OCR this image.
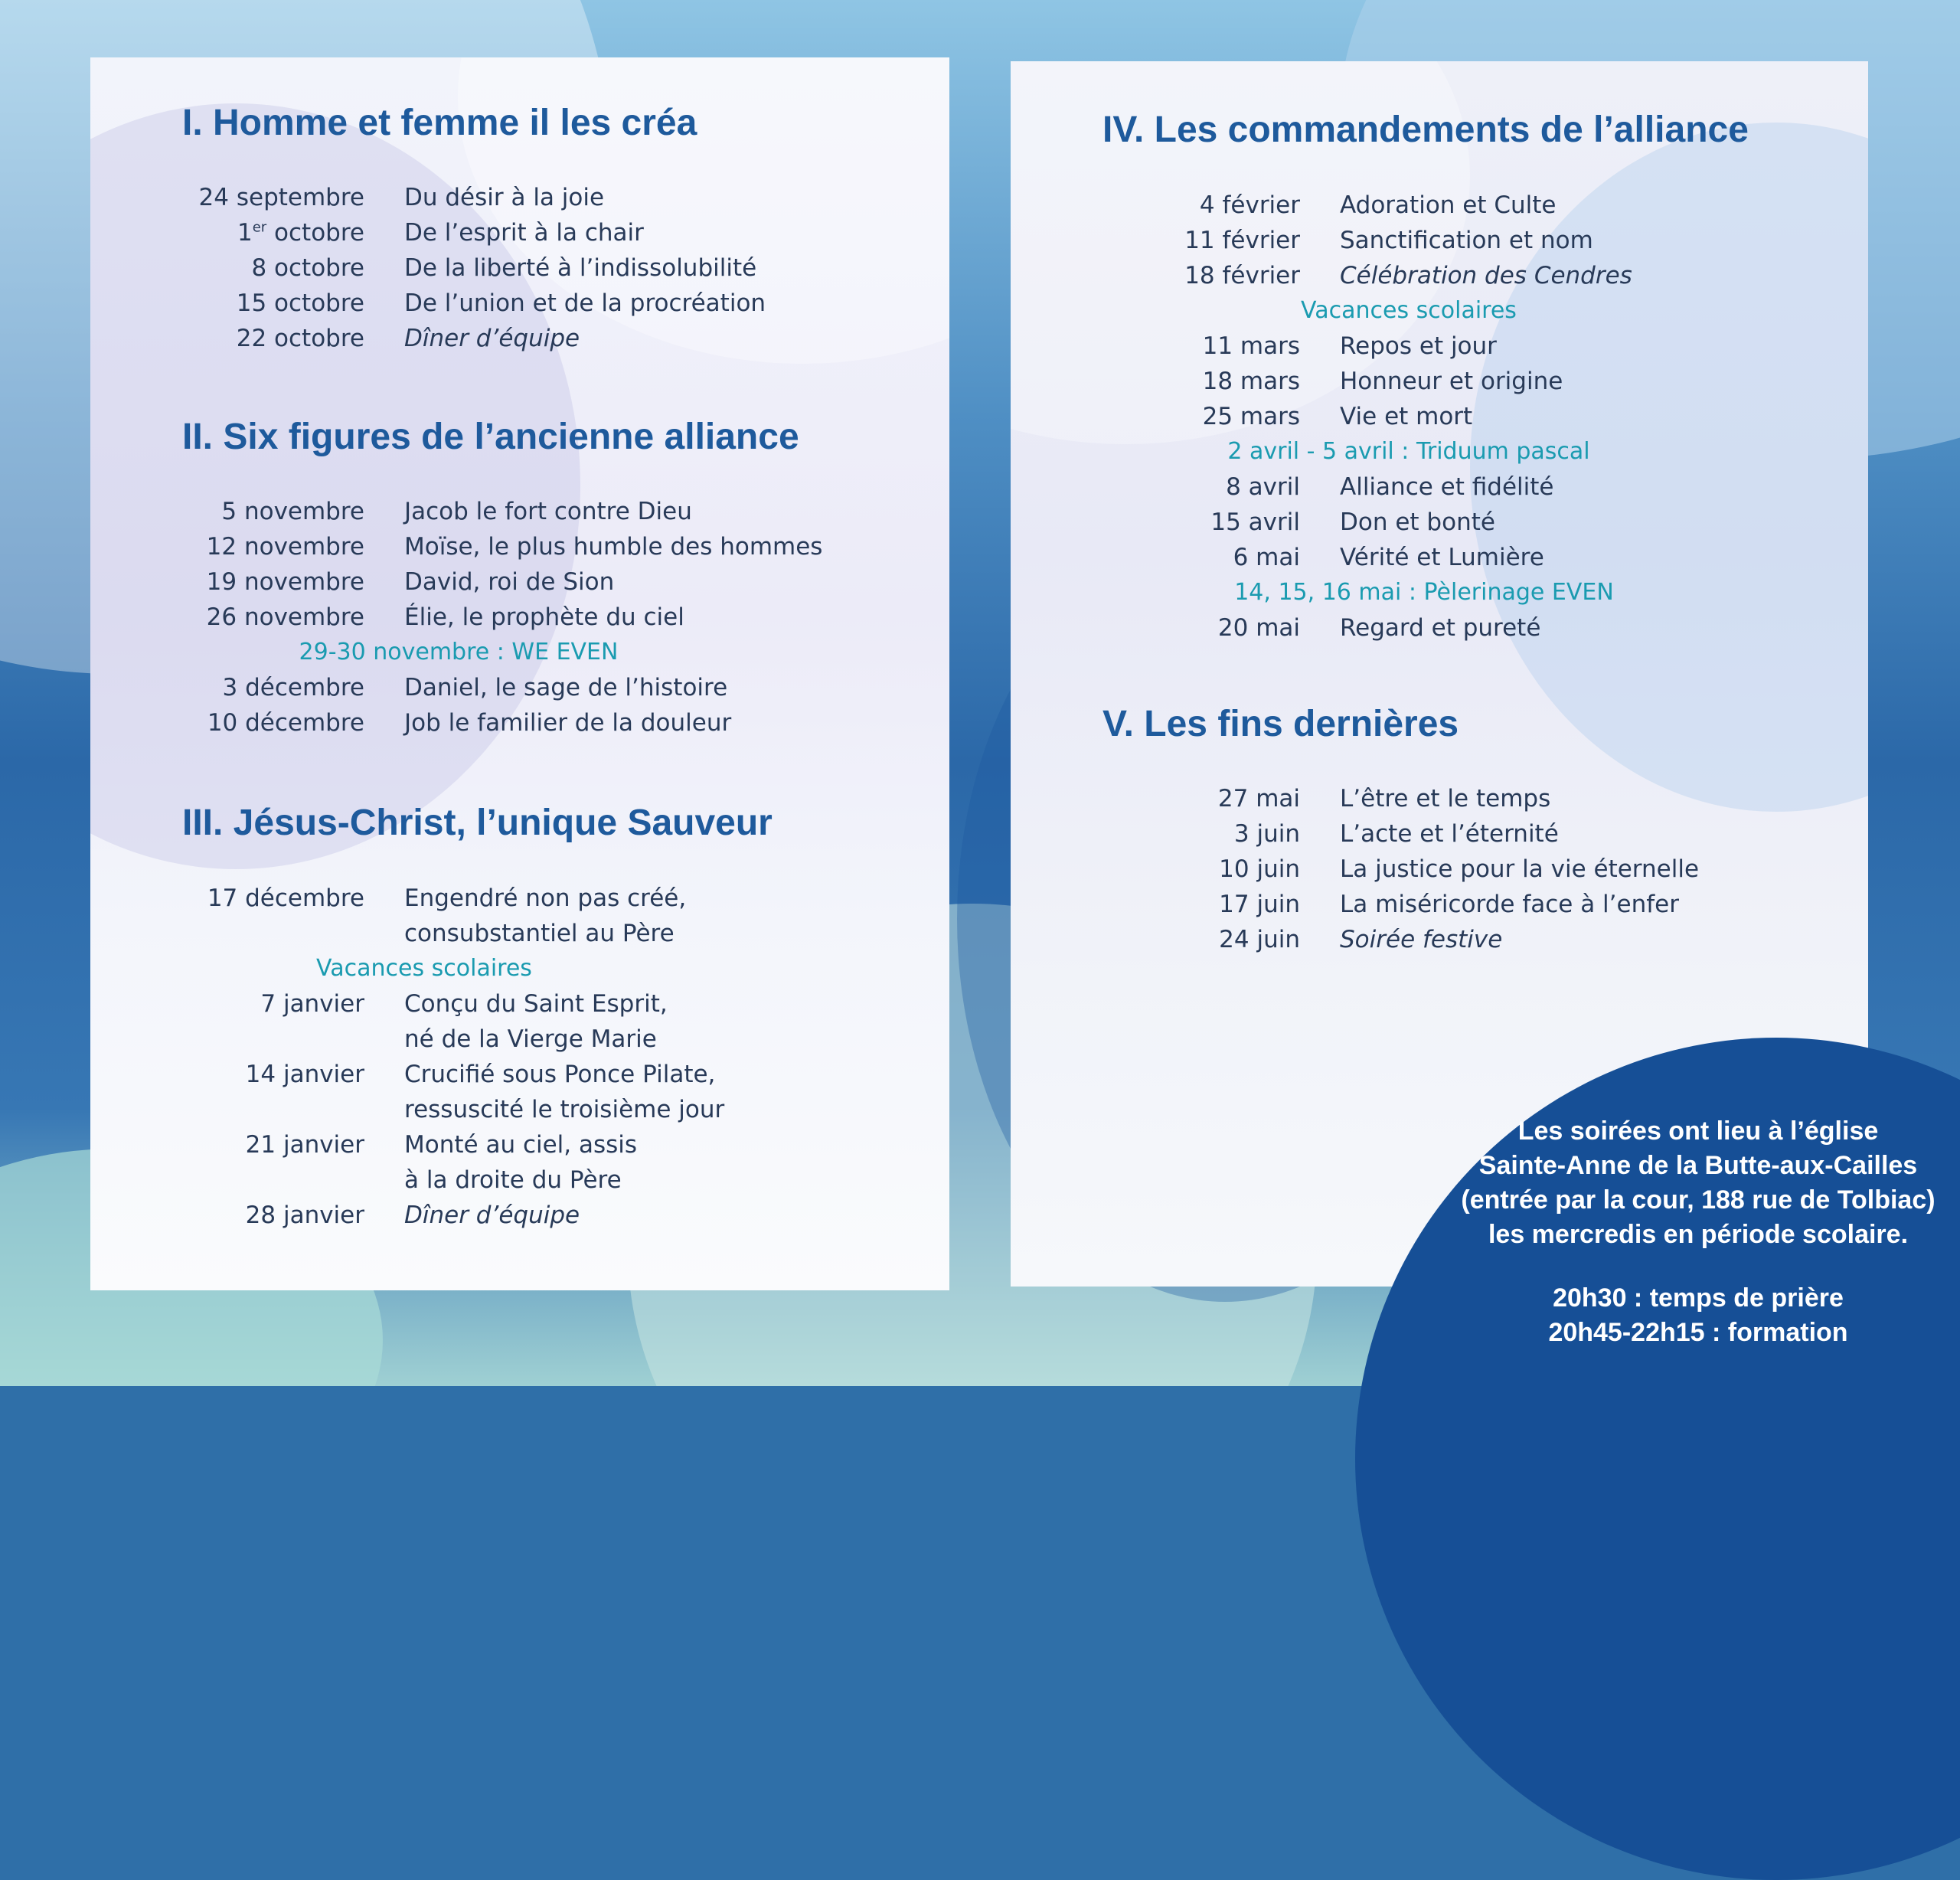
I. Homme et femme il les créa
24 septembre	Du désir à la joie
1er octobre	De l’esprit à la chair
8 octobre	De la liberté à l’indissolubilité
15 octobre	De l’union et de la procréation
22 octobre	Dîner d’équipe
II. Six figures de l’ancienne alliance
5 novembre	Jacob le fort contre Dieu
12 novembre	Moïse, le plus humble des hommes
19 novembre	David, roi de Sion
26 novembre	Élie, le prophète du ciel
29-30 novembre : WE EVEN
3 décembre	Daniel, le sage de l’histoire
10 décembre	Job le familier de la douleur
III. Jésus-Christ, l’unique Sauveur
17 décembre	Engendré non pas créé,
consubstantiel au Père
Vacances scolaires
7 janvier	Conçu du Saint Esprit,
né de la Vierge Marie
14 janvier	Crucifié sous Ponce Pilate,
ressuscité le troisième jour
21 janvier	Monté au ciel, assis
à la droite du Père
28 janvier	Dîner d’équipe
IV. Les commandements de l’alliance
4 février	Adoration et Culte
11 février	Sanctification et nom
18 février	Célébration des Cendres
Vacances scolaires
11 mars	Repos et jour
18 mars	Honneur et origine
25 mars	Vie et mort
2 avril - 5 avril : Triduum pascal
8 avril	Alliance et fidélité
15 avril	Don et bonté
6 mai	Vérité et Lumière
14, 15, 16 mai : Pèlerinage EVEN
20 mai	Regard et pureté
V. Les fins dernières
27 mai	L’être et le temps
3 juin	L’acte et l’éternité
10 juin	La justice pour la vie éternelle
17 juin	La miséricorde face à l’enfer
24 juin	Soirée festive

Les soirées ont lieu à l’église

Sainte-Anne de la Butte-aux-Cailles

(entrée par la cour, 188 rue de Tolbiac)

les mercredis en période scolaire.

20h30 : temps de prière

20h45-22h15 : formation
